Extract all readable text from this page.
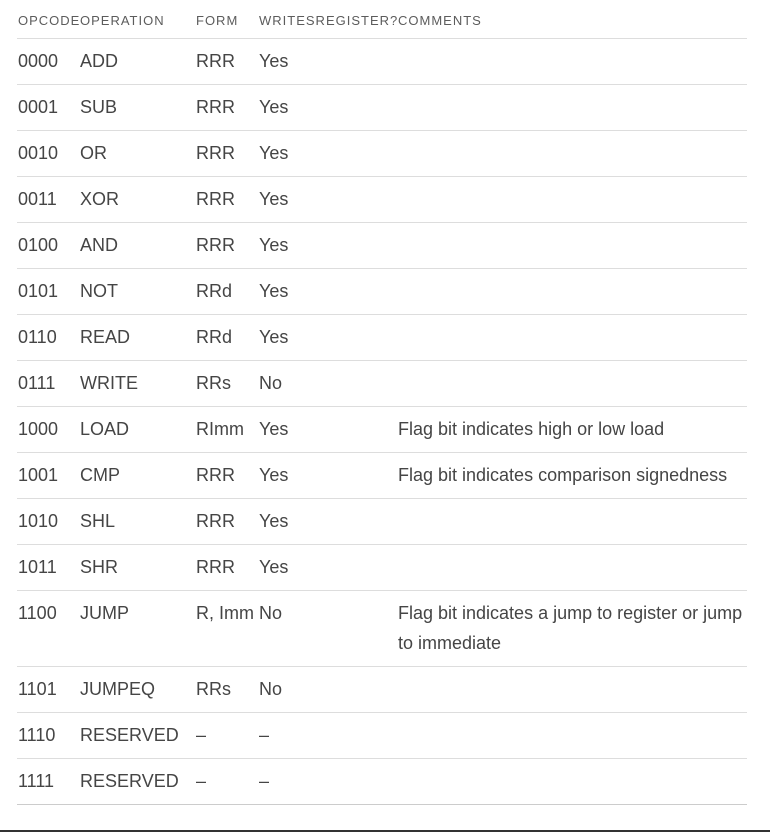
OPCODE	OPERATION	FORM	WRITESREGISTER?	COMMENTS
0000	ADD	RRR	Yes	
0001	SUB	RRR	Yes	
0010	OR	RRR	Yes	
0011	XOR	RRR	Yes	
0100	AND	RRR	Yes	
0101	NOT	RRd	Yes	
0110	READ	RRd	Yes	
0111	WRITE	RRs	No	
1000	LOAD	RImm	Yes	Flag bit indicates high or low load
1001	CMP	RRR	Yes	Flag bit indicates comparison signedness
1010	SHL	RRR	Yes	
1011	SHR	RRR	Yes	
1100	JUMP	R, Imm	No	Flag bit indicates a jump to register or jump to immediate
1101	JUMPEQ	RRs	No	
1110	RESERVED	–	–	
1111	RESERVED	–	–	
